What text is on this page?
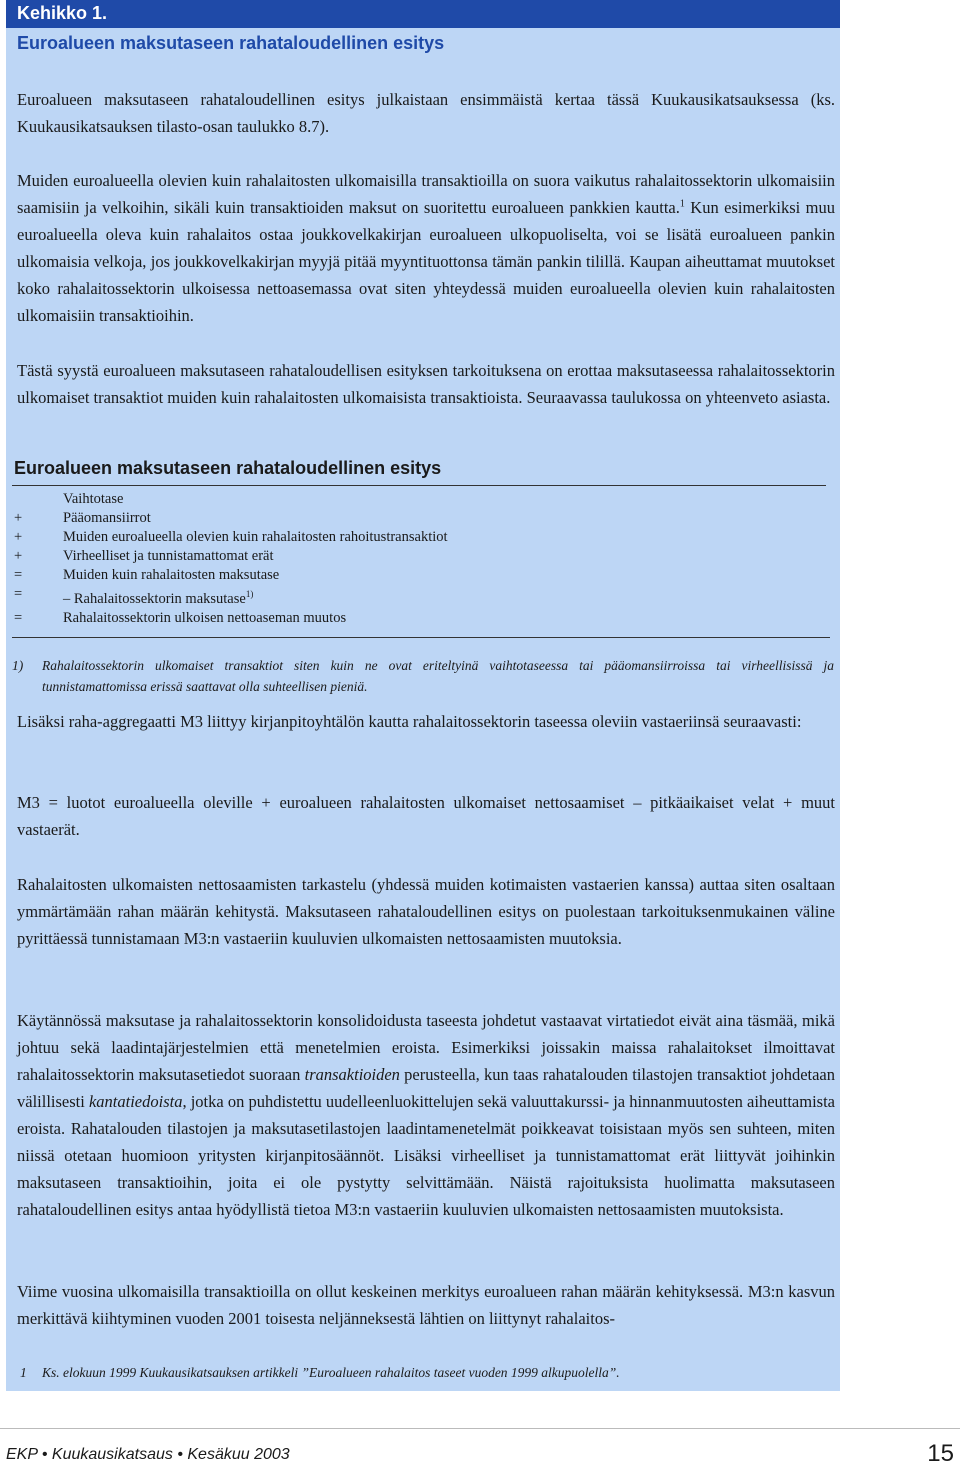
Kehikko 1.
Euroalueen maksutaseen rahataloudellinen esitys

Euroalueen maksutaseen rahataloudellinen esitys julkaistaan ensimmäistä kertaa tässä Kuukausikatsauksessa (ks. Kuukausikatsauksen tilasto-osan taulukko 8.7).

Muiden euroalueella olevien kuin rahalaitosten ulkomaisilla transaktioilla on suora vaikutus rahalaitossektorin ulkomaisiin saamisiin ja velkoihin, sikäli kuin transaktioiden maksut on suoritettu euroalueen pankkien kautta.$^1$ Kun esimerkiksi muu euroalueella oleva kuin rahalaitos ostaa joukkovelkakirjan euroalueen ulkopuoliselta, voi se lisätä euroalueen pankin ulkomaisia velkoja, jos joukkovelkakirjan myyjä pitää myyntituottonsa tämän pankin tilillä. Kaupan aiheuttamat muutokset koko rahalaitossektorin ulkoisessa nettoasemassa ovat siten yhteydessä muiden euroalueella olevien kuin rahalaitosten ulkomaisiin transaktioihin.

Tästä syystä euroalueen maksutaseen rahataloudellisen esityksen tarkoituksena on erottaa maksutaseessa rahalaitossektorin ulkomaiset transaktiot muiden kuin rahalaitosten ulkomaisista transaktioista. Seuraavassa taulukossa on yhteenveto asiasta.

Euroalueen maksutaseen rahataloudellinen esitys
Vaihtotase
+	Pääomansiirrot
+	Muiden euroalueella olevien kuin rahalaitosten rahoitustransaktiot
+	Virheelliset ja tunnistamattomat erät
=	Muiden kuin rahalaitosten maksutase
=	– Rahalaitossektorin maksutase$^{1)}$
=	Rahalaitossektorin ulkoisen nettoaseman muutos
1) Rahalaitossektorin ulkomaiset transaktiot siten kuin ne ovat eriteltyinä vaihtotaseessa tai pääomansiirroissa tai virheellisissä ja tunnistamattomissa erissä saattavat olla suhteellisen pieniä.

Lisäksi raha-aggregaatti M3 liittyy kirjanpitoyhtälön kautta rahalaitossektorin taseessa oleviin vastaeriinsä seuraavasti:

M3 = luotot euroalueella oleville + euroalueen rahalaitosten ulkomaiset nettosaamiset – pitkäaikaiset velat + muut vastaerät.

Rahalaitosten ulkomaisten nettosaamisten tarkastelu (yhdessä muiden kotimaisten vastaerien kanssa) auttaa siten osaltaan ymmärtämään rahan määrän kehitystä. Maksutaseen rahataloudellinen esitys on puolestaan tarkoituksenmukainen väline pyrittäessä tunnistamaan M3:n vastaeriin kuuluvien ulkomaisten nettosaamisten muutoksia.

Käytännössä maksutase ja rahalaitossektorin konsolidoidusta taseesta johdetut vastaavat virtatiedot eivät aina täsmää, mikä johtuu sekä laadintajärjestelmien että menetelmien eroista. Esimerkiksi joissakin maissa rahalaitokset ilmoittavat rahalaitossektorin maksutasetiedot suoraan transaktioiden perusteella, kun taas rahatalouden tilastojen transaktiot johdetaan välillisesti kantatiedoista, jotka on puhdistettu uudelleenluokittelujen sekä valuuttakurssi- ja hinnanmuutosten aiheuttamista eroista. Rahatalouden tilastojen ja maksutasetilastojen laadintamenetelmät poikkeavat toisistaan myös sen suhteen, miten niissä otetaan huomioon yritysten kirjanpitosäännöt. Lisäksi virheelliset ja tunnistamattomat erät liittyvät joihinkin maksutaseen transaktioihin, joita ei ole pystytty selvittämään. Näistä rajoituksista huolimatta maksutaseen rahataloudellinen esitys antaa hyödyllistä tietoa M3:n vastaeriin kuuluvien ulkomaisten nettosaamisten muutoksista.

Viime vuosina ulkomaisilla transaktioilla on ollut keskeinen merkitys euroalueen rahan määrän kehityksessä. M3:n kasvun merkittävä kiihtyminen vuoden 2001 toisesta neljänneksestä lähtien on liittynyt rahalaitos-

1 Ks. elokuun 1999 Kuukausikatsauksen artikkeli ”Euroalueen rahalaitos taseet vuoden 1999 alkupuolella”.
EKP • Kuukausikatsaus • Kesäkuu 2003	15
